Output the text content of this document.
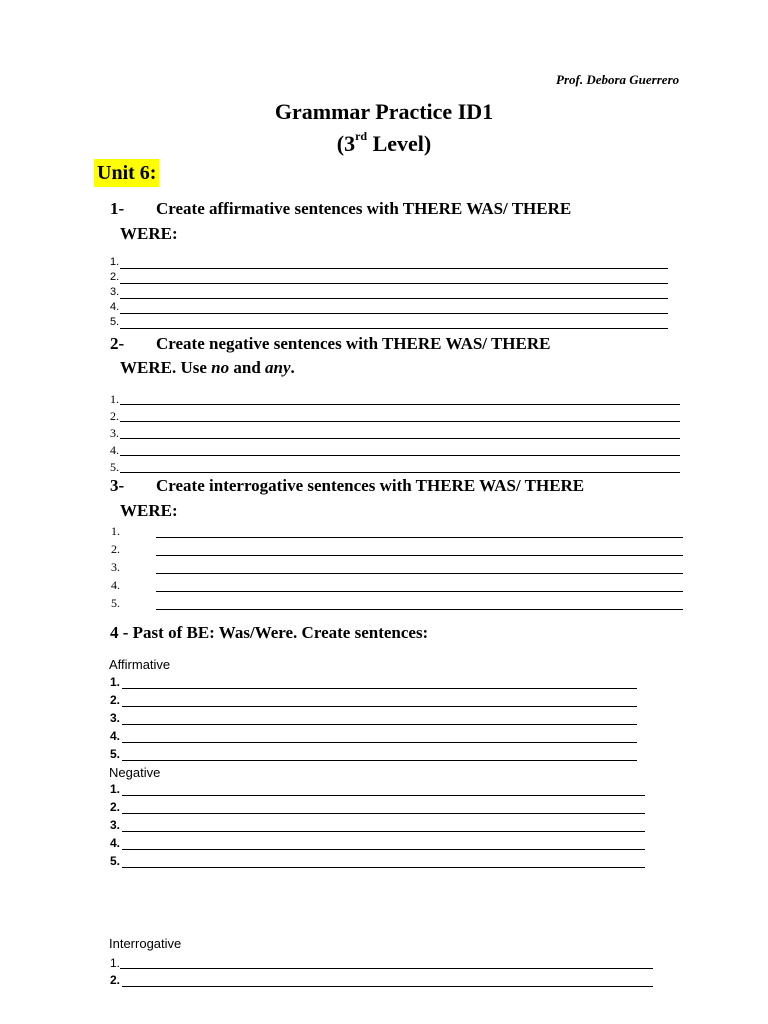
Prof. Debora Guerrero
Grammar Practice ID1
(3rd Level)
Unit 6:
1- Create affirmative sentences with THERE WAS/ THERE
WERE:
1.
2.
3.
4.
5.
2- Create negative sentences with THERE WAS/ THERE
WERE. Use no and any.
1.
2.
3.
4.
5.
3- Create interrogative sentences with THERE WAS/ THERE
WERE:
1.
2.
3.
4.
5.
4 - Past of BE: Was/Were. Create sentences:
Affirmative
1.
2.
3.
4.
5.
Negative
1.
2.
3.
4.
5.
Interrogative
1.
2.
